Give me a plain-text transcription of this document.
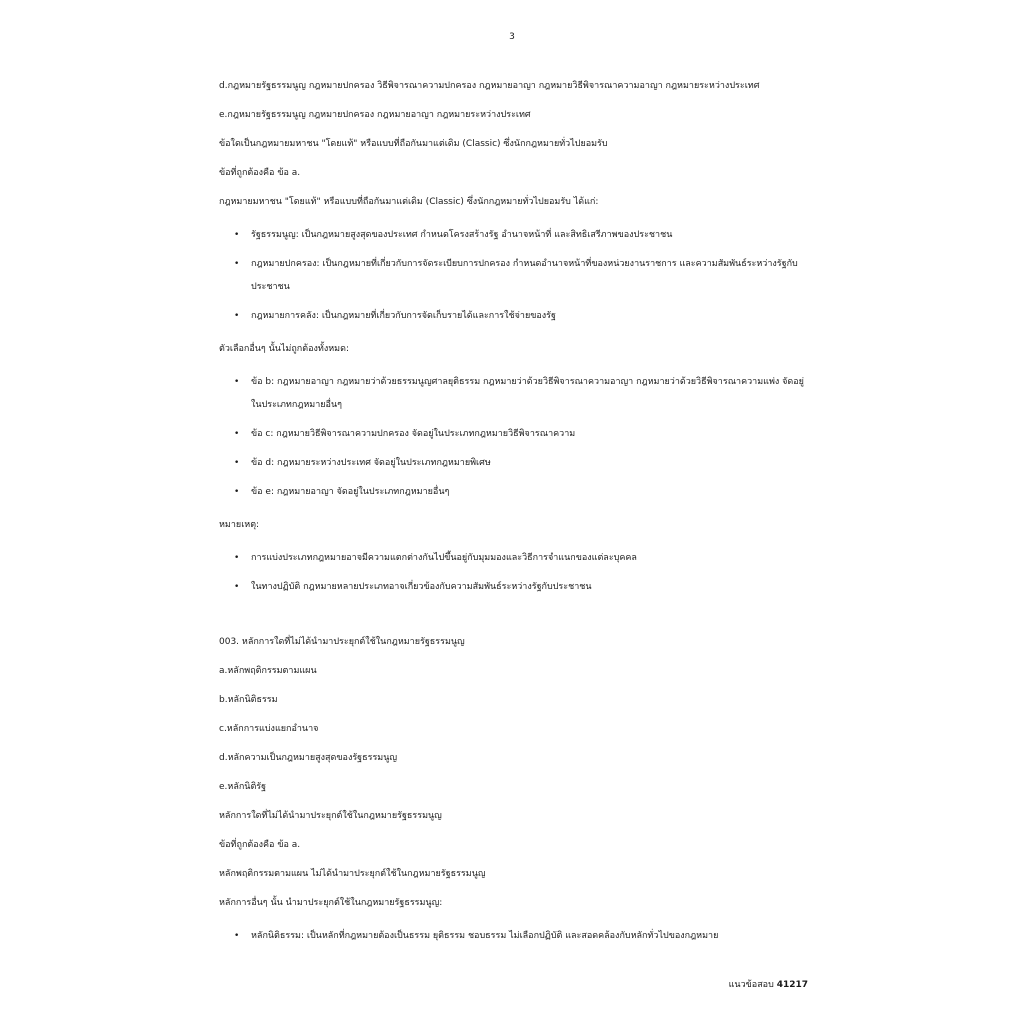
3

d.กฎหมายรัฐธรรมนูญ กฎหมายปกครอง วิธีพิจารณาความปกครอง กฎหมายอาญา กฎหมายวิธีพิจารณาความอาญา กฎหมายระหว่างประเทศ

e.กฎหมายรัฐธรรมนูญ กฎหมายปกครอง กฎหมายอาญา กฎหมายระหว่างประเทศ

ข้อใดเป็นกฎหมายมหาชน "โดยแท้" หรือแบบที่ถือกันมาแต่เดิม (Classic) ซึ่งนักกฎหมายทั่วไปยอมรับ

ข้อที่ถูกต้องคือ ข้อ a.

กฎหมายมหาชน "โดยแท้" หรือแบบที่ถือกันมาแต่เดิม (Classic) ซึ่งนักกฎหมายทั่วไปยอมรับ ได้แก่:

• รัฐธรรมนูญ: เป็นกฎหมายสูงสุดของประเทศ กำหนดโครงสร้างรัฐ อำนาจหน้าที่ และสิทธิเสรีภาพของประชาชน
• กฎหมายปกครอง: เป็นกฎหมายที่เกี่ยวกับการจัดระเบียบการปกครอง กำหนดอำนาจหน้าที่ของหน่วยงานราชการ และความสัมพันธ์ระหว่างรัฐกับประชาชน
• กฎหมายการคลัง: เป็นกฎหมายที่เกี่ยวกับการจัดเก็บรายได้และการใช้จ่ายของรัฐ

ตัวเลือกอื่นๆ นั้นไม่ถูกต้องทั้งหมด:

• ข้อ b: กฎหมายอาญา กฎหมายว่าด้วยธรรมนูญศาลยุติธรรม กฎหมายว่าด้วยวิธีพิจารณาความอาญา กฎหมายว่าด้วยวิธีพิจารณาความแพ่ง จัดอยู่ในประเภทกฎหมายอื่นๆ
• ข้อ c: กฎหมายวิธีพิจารณาความปกครอง จัดอยู่ในประเภทกฎหมายวิธีพิจารณาความ
• ข้อ d: กฎหมายระหว่างประเทศ จัดอยู่ในประเภทกฎหมายพิเศษ
• ข้อ e: กฎหมายอาญา จัดอยู่ในประเภทกฎหมายอื่นๆ

หมายเหตุ:

• การแบ่งประเภทกฎหมายอาจมีความแตกต่างกันไปขึ้นอยู่กับมุมมองและวิธีการจำแนกของแต่ละบุคคล
• ในทางปฏิบัติ กฎหมายหลายประเภทอาจเกี่ยวข้องกับความสัมพันธ์ระหว่างรัฐกับประชาชน

003. หลักการใดที่ไม่ได้นำมาประยุกต์ใช้ในกฎหมายรัฐธรรมนูญ

a.หลักพฤติกรรมตามแผน

b.หลักนิติธรรม

c.หลักการแบ่งแยกอำนาจ

d.หลักความเป็นกฎหมายสูงสุดของรัฐธรรมนูญ

e.หลักนิติรัฐ

หลักการใดที่ไม่ได้นำมาประยุกต์ใช้ในกฎหมายรัฐธรรมนูญ

ข้อที่ถูกต้องคือ ข้อ a.

หลักพฤติกรรมตามแผน ไม่ได้นำมาประยุกต์ใช้ในกฎหมายรัฐธรรมนูญ

หลักการอื่นๆ นั้น นำมาประยุกต์ใช้ในกฎหมายรัฐธรรมนูญ:

• หลักนิติธรรม: เป็นหลักที่กฎหมายต้องเป็นธรรม ยุติธรรม ชอบธรรม ไม่เลือกปฏิบัติ และสอดคล้องกับหลักทั่วไปของกฎหมาย
แนวข้อสอบ 41217
